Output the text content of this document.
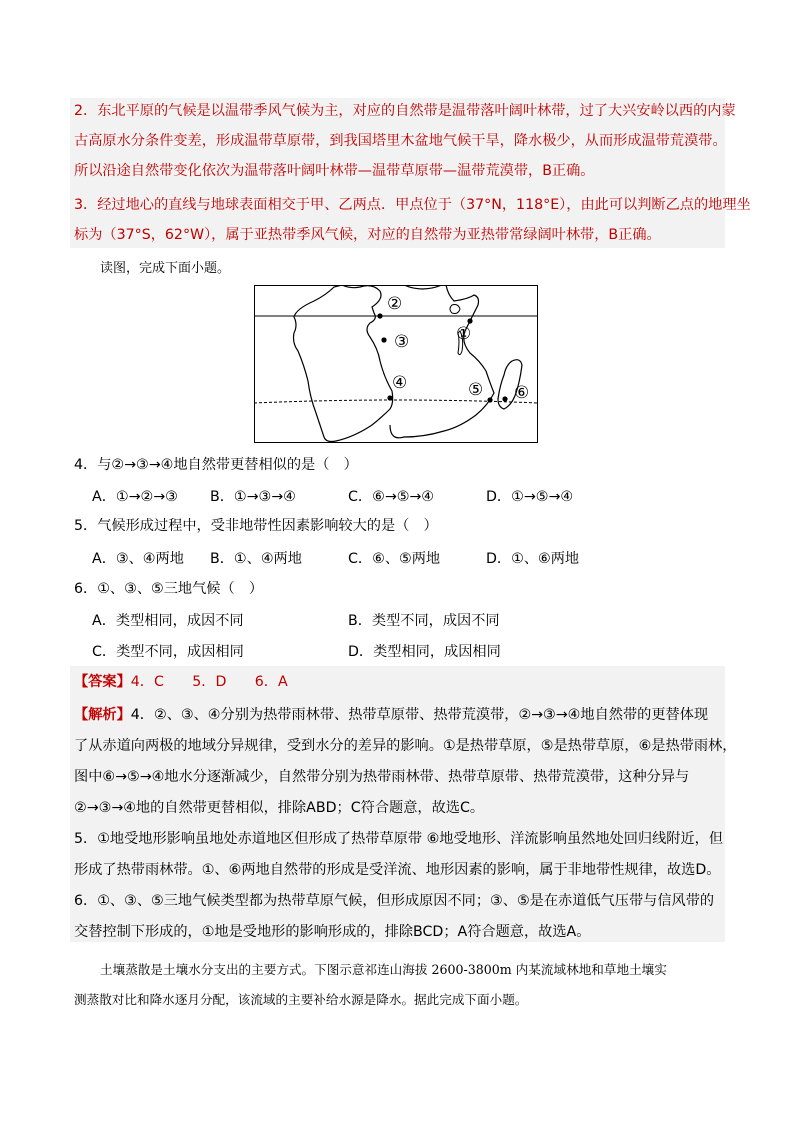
2．东北平原的气候是以温带季风气候为主，对应的自然带是温带落叶阔叶林带，过了大兴安岭以西的内蒙
古高原水分条件变差，形成温带草原带，到我国塔里木盆地气候干旱，降水极少，从而形成温带荒漠带。
所以沿途自然带变化依次为温带落叶阔叶林带—温带草原带—温带荒漠带，B正确。
3．经过地心的直线与地球表面相交于甲、乙两点．甲点位于（37°N，118°E），由此可以判断乙点的地理坐
标为（37°S，62°W），属于亚热带季风气候，对应的自然带为亚热带常绿阔叶林带，B正确。
读图，完成下面小题。
②
①
③
④	⑤ ⑥
4．与②→③→④地自然带更替相似的是（　）
A．①→②→③ B．①→③→④	C．⑥→⑤→④	D．①→⑤→④
5．气候形成过程中，受非地带性因素影响较大的是（　）
A．③、④两地 B．①、④两地	C．⑥、⑤两地	D．①、⑥两地
6．①、③、⑤三地气候（　）
A．类型相同，成因不同	B．类型不同，成因不同
C．类型不同，成因相同	D．类型相同，成因相同
【答案】4．C　　5．D　　6．A
【解析】4．②、③、④分别为热带雨林带、热带草原带、热带荒漠带，②→③→④地自然带的更替体现
了从赤道向两极的地域分异规律，受到水分的差异的影响。①是热带草原，⑤是热带草原，⑥是热带雨林，
图中⑥→⑤→④地水分逐渐减少，自然带分别为热带雨林带、热带草原带、热带荒漠带，这种分异与
②→③→④地的自然带更替相似，排除ABD；C符合题意，故选C。
5．①地受地形影响虽地处赤道地区但形成了热带草原带 ⑥地受地形、洋流影响虽然地处回归线附近，但
形成了热带雨林带。①、⑥两地自然带的形成是受洋流、地形因素的影响，属于非地带性规律，故选D。
6．①、③、⑤三地气候类型都为热带草原气候，但形成原因不同；③、⑤是在赤道低气压带与信风带的
交替控制下形成的，①地是受地形的影响形成的，排除BCD；A符合题意，故选A。
土壤蒸散是土壤水分支出的主要方式。下图示意祁连山海拔 2600-3800m 内某流域林地和草地土壤实
测蒸散对比和降水逐月分配，该流域的主要补给水源是降水。据此完成下面小题。
